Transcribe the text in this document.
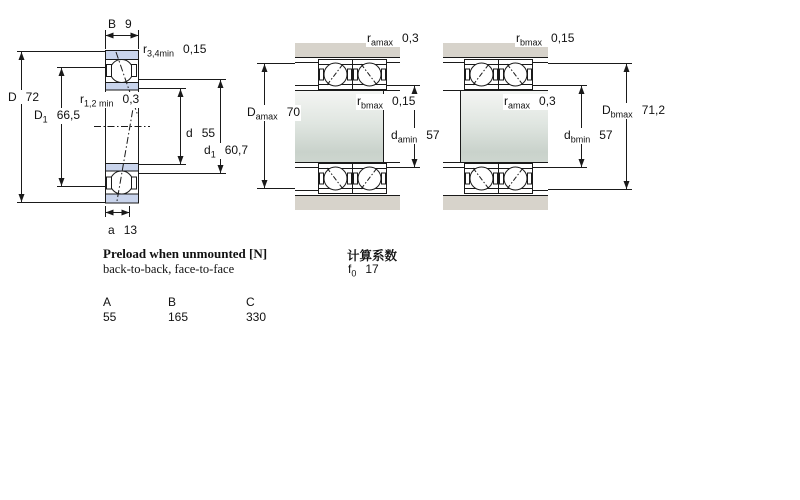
B 9
$r_{3,4min}$ 0,15
D 72	$r_{1,2 min}$ 0,3
$D_1$ 66,5
d 55
$d_1$ 60,7
a 13
$r_{amax}$ 0,3
$D_{amax}$ 70
$r_{bmax}$ 0,15
$d_{amin}$ 57
$r_{bmax}$ 0,15
$r_{amax}$ 0,3
$D_{bmax}$ 71,2
$d_{bmin}$ 57
Preload when unmounted [N]
back-to-back, face-to-face
A	B	C
55	165	330
计算系数
$f_0$ 17
